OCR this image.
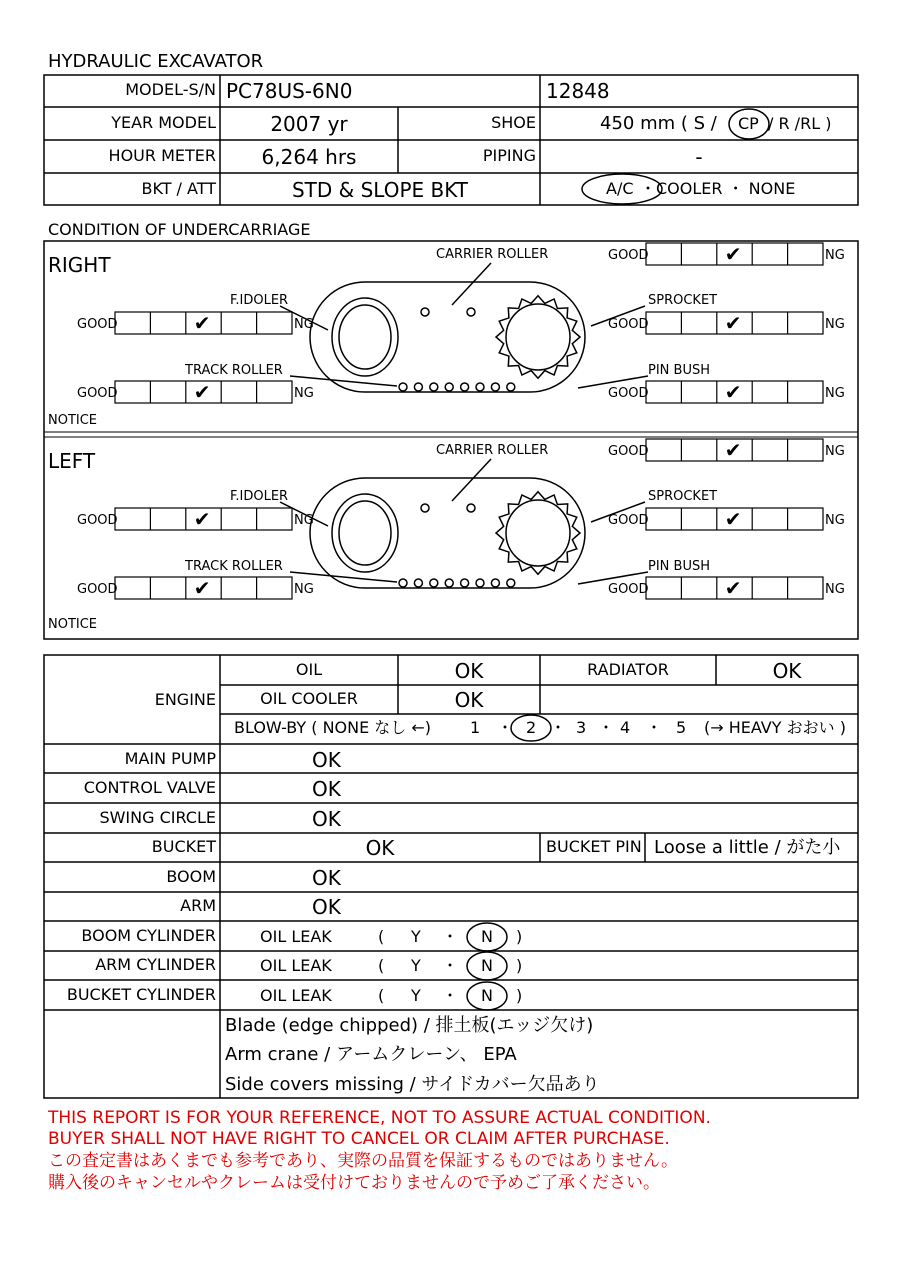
HYDRAULIC EXCAVATOR
MODEL-S/N PC78US-6N0	12848
YEAR MODEL	2007 yr	SHOE	450 mm ( S / CP / R /RL )
HOUR METER	6,264 hrs	PIPING	-
BKT / ATT	STD & SLOPE BKT	A/C ・COOLER ・ NONE
CONDITION OF UNDERCARRIAGE
RIGHT	CARRIER ROLLER
F.IDOLER
TRACK ROLLER
SPROCKET
PIN BUSH
NOTICE
LEFT	CARRIER ROLLER
F.IDOLER
TRACK ROLLER
SPROCKET
PIN BUSH
NOTICE
GOOD	NG
✔
GOOD	NG
✔	GOOD	NG
✔
GOOD	NG
✔	GOOD	NG
✔
GOOD	NG
✔
GOOD	NG
✔	GOOD	NG
✔
GOOD	NG
✔	GOOD	NG
✔
ENGINE
OIL	OK	RADIATOR	OK
OIL COOLER	OK
BLOW-BY ( NONE なし ←) 1 ・ 2 ・ 3 ・ 4 ・ 5 (→ HEAVY おおい )
MAIN PUMP	OK
CONTROL VALVE	OK
SWING CIRCLE	OK
BUCKET	OK	BUCKET PIN Loose a little / がた小
BOOM	OK
ARM	OK
BOOM CYLINDER	OIL LEAK	( Y ・ N )
ARM CYLINDER	OIL LEAK	( Y ・ N )
BUCKET CYLINDER	OIL LEAK	( Y ・ N )
Blade (edge chipped) / 排土板(エッジ欠け)
Arm crane / アームクレーン、 EPA
Side covers missing / サイドカバー欠品あり
THIS REPORT IS FOR YOUR REFERENCE, NOT TO ASSURE ACTUAL CONDITION.
BUYER SHALL NOT HAVE RIGHT TO CANCEL OR CLAIM AFTER PURCHASE.
この査定書はあくまでも参考であり、実際の品質を保証するものではありません。
購入後のキャンセルやクレームは受付けておりませんので予めご了承ください。
